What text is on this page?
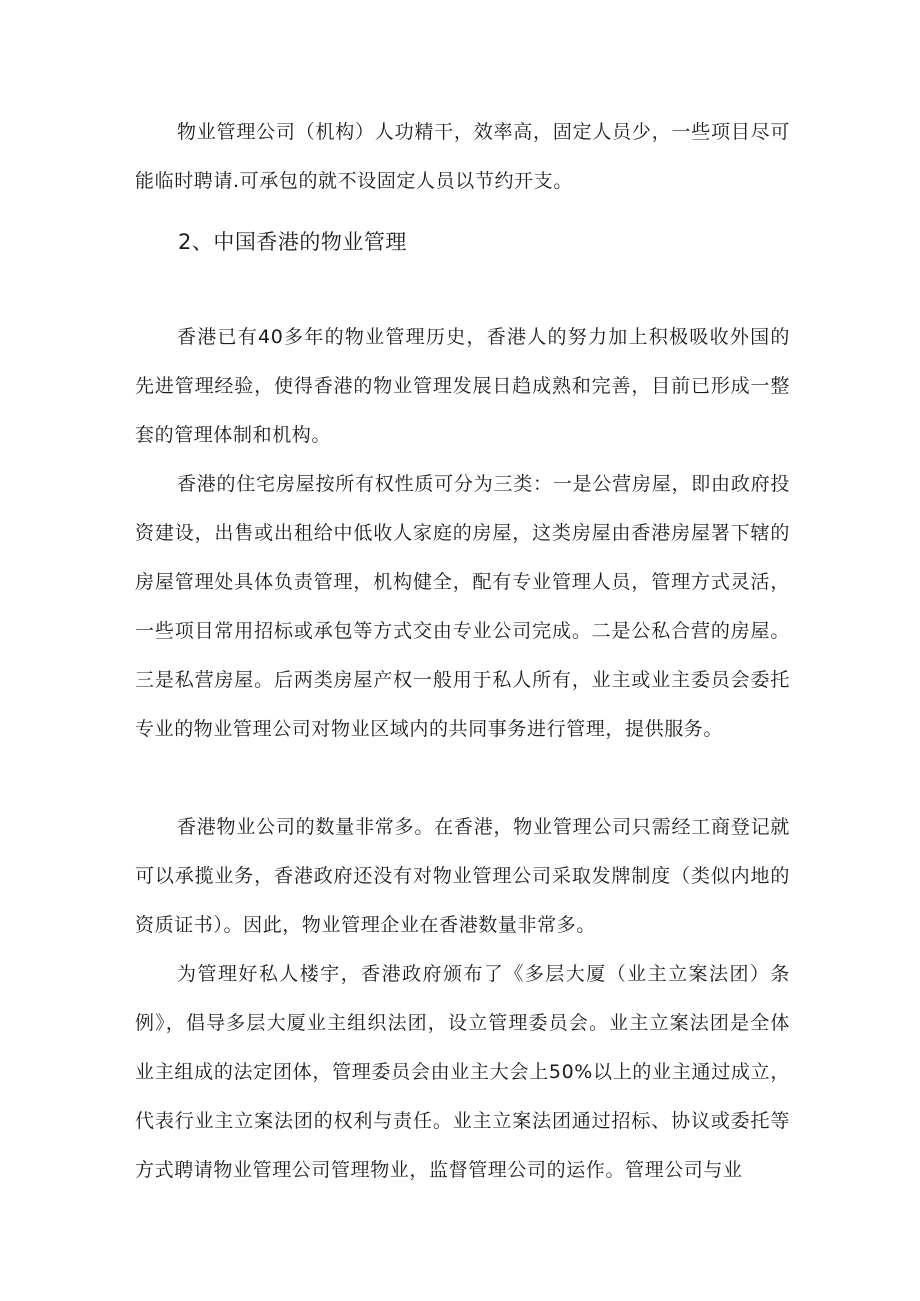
物业管理公司（机构）人功精干，效率高，固定人员少，一些项目尽可能临时聘请.可承包的就不设固定人员以节约开支。

2、中国香港的物业管理

香港已有40多年的物业管理历史，香港人的努力加上积极吸收外国的先进管理经验，使得香港的物业管理发展日趋成熟和完善，目前已形成一整套的管理体制和机构。

香港的住宅房屋按所有权性质可分为三类：一是公营房屋，即由政府投资建设，出售或出租给中低收人家庭的房屋，这类房屋由香港房屋署下辖的房屋管理处具体负责管理，机构健全，配有专业管理人员，管理方式灵活，一些项目常用招标或承包等方式交由专业公司完成。二是公私合营的房屋。三是私营房屋。后两类房屋产权一般用于私人所有，业主或业主委员会委托专业的物业管理公司对物业区域内的共同事务进行管理，提供服务。

香港物业公司的数量非常多。在香港，物业管理公司只需经工商登记就可以承揽业务，香港政府还没有对物业管理公司采取发牌制度（类似内地的资质证书）。因此，物业管理企业在香港数量非常多。

为管理好私人楼宇，香港政府颁布了《多层大厦（业主立案法团）条例》，倡导多层大厦业主组织法团，设立管理委员会。业主立案法团是全体业主组成的法定团体，管理委员会由业主大会上50%以上的业主通过成立，代表行业主立案法团的权利与责任。业主立案法团通过招标、协议或委托等方式聘请物业管理公司管理物业，监督管理公司的运作。管理公司与业
